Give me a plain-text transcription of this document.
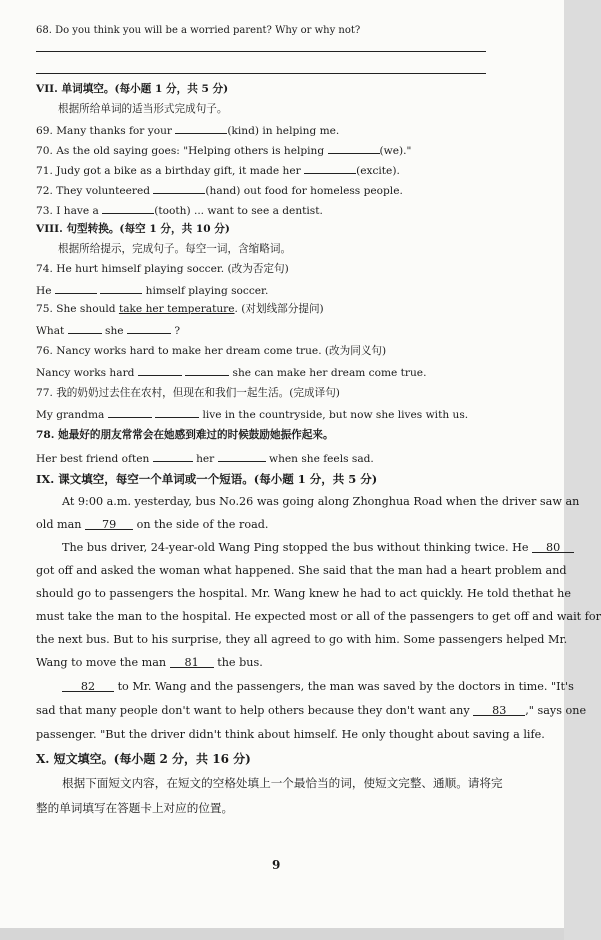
68. Do you think you will be a worried parent? Why or why not?
VII. 单词填空。(每小题 1 分，共 5 分)
根据所给单词的适当形式完成句子。
69. Many thanks for your	(kind) in helping me.
70. As the old saying goes: "Helping others is helping	(we)."
71. Judy got a bike as a birthday gift, it made her	(excite).
72. They volunteered	(hand) out food for homeless people.
73. I have a	(tooth) ... want to see a dentist.
VIII. 句型转换。(每空 1 分，共 10 分)
根据所给提示，完成句子。每空一词，含缩略词。
74. He hurt himself playing soccer. (改为否定句)
He	himself playing soccer.
75. She should take her temperature. (对划线部分提问)
What	she	?
76. Nancy works hard to make her dream come true. (改为同义句)
Nancy works hard	she can make her dream come true.
77. 我的奶奶过去住在农村，但现在和我们一起生活。(完成译句)
My grandma	live in the countryside, but now she lives with us.
78. 她最好的朋友常常会在她感到难过的时候鼓励她振作起来。
Her best friend often	her	when she feels sad.
IX. 课文填空，每空一个单词或一个短语。(每小题 1 分，共 5 分)
At 9:00 a.m. yesterday, bus No.26 was going along Zhonghua Road when the driver saw an
old man 79 on the side of the road.
The bus driver, 24-year-old Wang Ping stopped the bus without thinking twice. He 80
got off and asked the woman what happened. She said that the man had a heart problem and
should go to passengers the hospital. Mr. Wang knew he had to act quickly. He told thethat he
must take the man to the hospital. He expected most or all of the passengers to get off and wait for
the next bus. But to his surprise, they all agreed to go with him. Some passengers helped Mr.
Wang to move the man 81 the bus.
82 to Mr. Wang and the passengers, the man was saved by the doctors in time. "It's
sad that many people don't want to help others because they don't want any 83 ," says one
passenger. "But the driver didn't think about himself. He only thought about saving a life.
X. 短文填空。(每小题 2 分，共 16 分)
根据下面短文内容，在短文的空格处填上一个最恰当的词，使短文完整、通顺。请将完
整的单词填写在答题卡上对应的位置。
9
